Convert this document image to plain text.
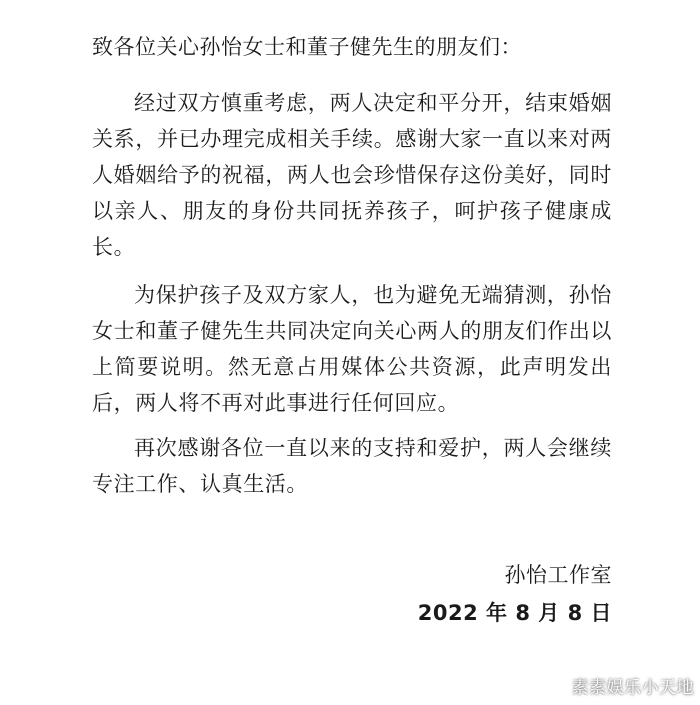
致各位关心孙怡女士和董子健先生的朋友们：

经过双方慎重考虑，两人决定和平分开，结束婚姻关系，并已办理完成相关手续。感谢大家一直以来对两人婚姻给予的祝福，两人也会珍惜保存这份美好，同时以亲人、朋友的身份共同抚养孩子，呵护孩子健康成长。

为保护孩子及双方家人，也为避免无端猜测，孙怡女士和董子健先生共同决定向关心两人的朋友们作出以上简要说明。然无意占用媒体公共资源，此声明发出后，两人将不再对此事进行任何回应。

再次感谢各位一直以来的支持和爱护，两人会继续专注工作、认真生活。

孙怡工作室
2022 年 8 月 8 日
素素娱乐小天地
